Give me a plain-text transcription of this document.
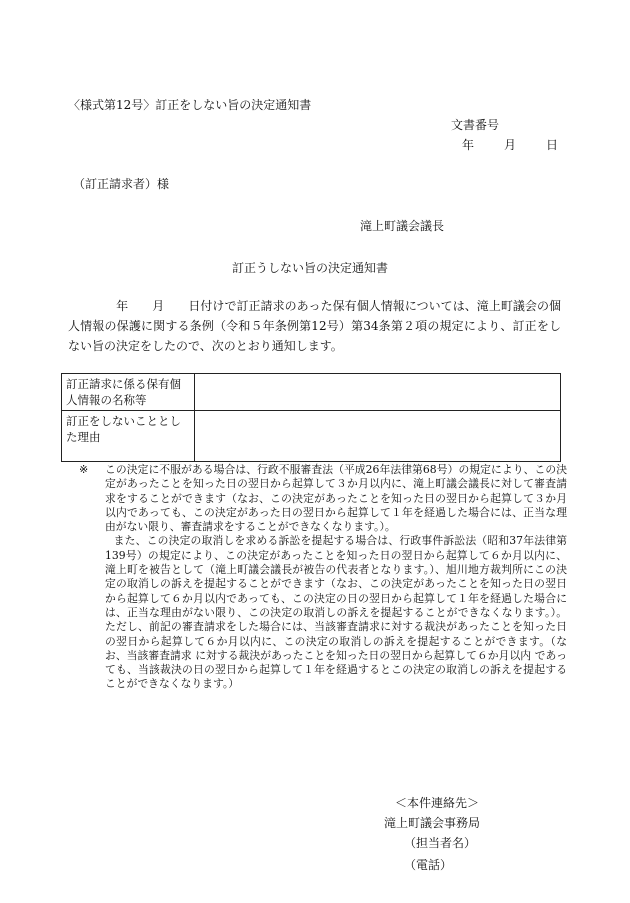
〈様式第12号〉訂正をしない旨の決定通知書
文書番号
年	月	日
（訂正請求者）様
滝上町議会議長
訂正うしない旨の決定通知書

　　　　年　　月　　日付けで訂正請求のあった保有個人情報については、滝上町議会の個人情報の保護に関する条例（令和５年条例第12号）第34条第２項の規定により、訂正をしない旨の決定をしたので、次のとおり通知します。

訂正請求に係る保有個人情報の名称等	
訂正をしないこととした理由	
※ この決定に不服がある場合は、行政不服審査法（平成26年法律第68号）の規定により、この決定があったことを知った日の翌日から起算して３か月以内に、滝上町議会議長に対して審査請求をすることができます（なお、この決定があったことを知った日の翌日から起算して３か月以内であっても、この決定があった日の翌日から起算して１年を経過した場合には、正当な理由がない限り、審査請求をすることができなくなります。）。

また、この決定の取消しを求める訴訟を提起する場合は、行政事件訴訟法（昭和37年法律第139号）の規定により、この決定があったことを知った日の翌日から起算して６か月以内に、滝上町を被告として（滝上町議会議長が被告の代表者となります。）、旭川地方裁判所にこの決定の取消しの訴えを提起することができます（なお、この決定があったことを知った日の翌日から起算して６か月以内であっても、この決定の日の翌日から起算して１年を経過した場合には、正当な理由がない限り、この決定の取消しの訴えを提起することができなくなります。）。ただし、前記の審査請求をした場合には、当該審査請求に対する裁決があったことを知った日の翌日から起算して６か月以内に、この決定の取消しの訴えを提起することができます。（なお、当該審査請求 に対する裁決があったことを知った日の翌日から起算して６か月以内 であっても、当該裁決の日の翌日から起算して１年を経過するとこの決定の取消しの訴えを提起することができなくなります。）

＜本件連絡先＞
滝上町議会事務局
（担当者名）
（電話）
